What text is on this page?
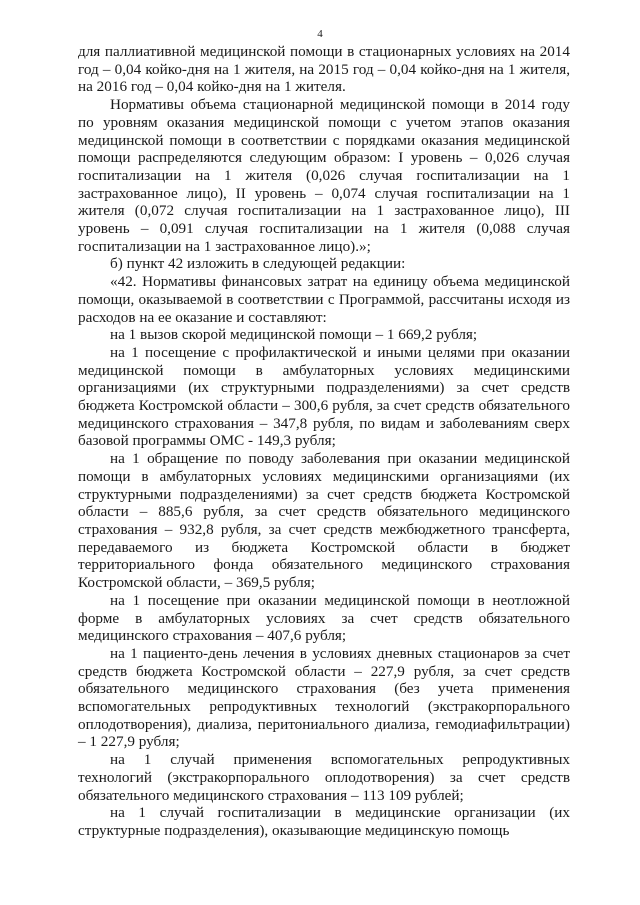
4

для паллиативной медицинской помощи в стационарных условиях на 2014 год – 0,04 койко-дня на 1 жителя, на 2015 год – 0,04 койко-дня на 1 жителя, на 2016 год – 0,04 койко-дня на 1 жителя.

Нормативы объема стационарной медицинской помощи в 2014 году по уровням оказания медицинской помощи с учетом этапов оказания медицинской помощи в соответствии с порядками оказания медицинской помощи распределяются следующим образом: I уровень – 0,026 случая госпитализации на 1 жителя (0,026 случая госпитализации на 1 застрахованное лицо), II уровень – 0,074 случая госпитализации на 1 жителя (0,072 случая госпитализации на 1 застрахованное лицо), III уровень – 0,091 случая госпитализации на 1 жителя (0,088 случая госпитализации на 1 застрахованное лицо).»;

б) пункт 42 изложить в следующей редакции:

«42. Нормативы финансовых затрат на единицу объема медицинской помощи, оказываемой в соответствии с Программой, рассчитаны исходя из расходов на ее оказание и составляют:

на 1 вызов скорой медицинской помощи – 1 669,2 рубля;

на 1 посещение с профилактической и иными целями при оказании медицинской помощи в амбулаторных условиях медицинскими организациями (их структурными подразделениями) за счет средств бюджета Костромской области – 300,6 рубля, за счет средств обязательного медицинского страхования – 347,8 рубля, по видам и заболеваниям сверх базовой программы ОМС - 149,3 рубля;

на 1 обращение по поводу заболевания при оказании медицинской помощи в амбулаторных условиях медицинскими организациями (их структурными подразделениями) за счет средств бюджета Костромской области – 885,6 рубля, за счет средств обязательного медицинского страхования – 932,8 рубля, за счет средств межбюджетного трансферта, передаваемого из бюджета Костромской области в бюджет территориального фонда обязательного медицинского страхования Костромской области, – 369,5 рубля;

на 1 посещение при оказании медицинской помощи в неотложной форме в амбулаторных условиях за счет средств обязательного медицинского страхования – 407,6 рубля;

на 1 пациенто-день лечения в условиях дневных стационаров за счет средств бюджета Костромской области – 227,9 рубля, за счет средств обязательного медицинского страхования (без учета применения вспомогательных репродуктивных технологий (экстракорпорального оплодотворения), диализа, перитониального диализа, гемодиафильтрации) – 1 227,9 рубля;

на 1 случай применения вспомогательных репродуктивных технологий (экстракорпорального оплодотворения) за счет средств обязательного медицинского страхования – 113 109 рублей;

на 1 случай госпитализации в медицинские организации (их структурные подразделения), оказывающие медицинскую помощь
